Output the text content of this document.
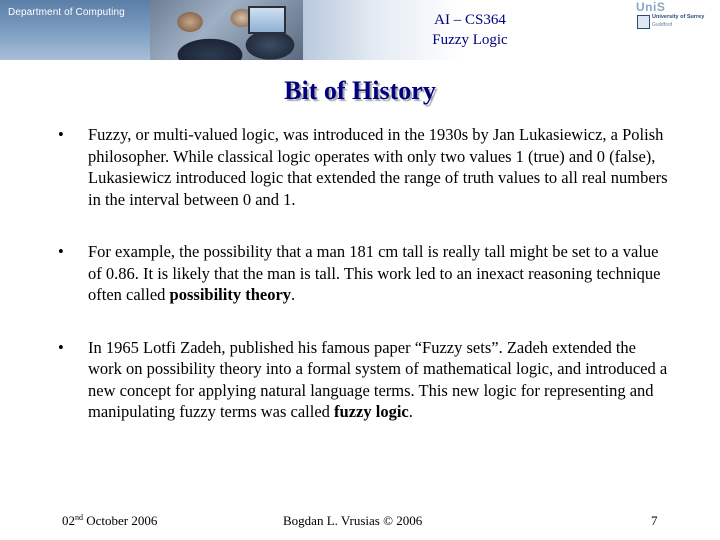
Department of Computing	AI – CS364
Fuzzy Logic
UniS
University of Surrey
Guildford
Bit of History
• Fuzzy, or multi-valued logic, was introduced in the 1930s by Jan Lukasiewicz, a Polish philosopher. While classical logic operates with only two values 1 (true) and 0 (false), Lukasiewicz introduced logic that extended the range of truth values to all real numbers in the interval between 0 and 1.
• For example, the possibility that a man 181 cm tall is really tall might be set to a value of 0.86. It is likely that the man is tall. This work led to an inexact reasoning technique often called possibility theory.
• In 1965 Lotfi Zadeh, published his famous paper “Fuzzy sets”. Zadeh extended the work on possibility theory into a formal system of mathematical logic, and introduced a new concept for applying natural language terms. This new logic for representing and manipulating fuzzy terms was called fuzzy logic.
02nd October 2006	Bogdan L. Vrusias © 2006	7
